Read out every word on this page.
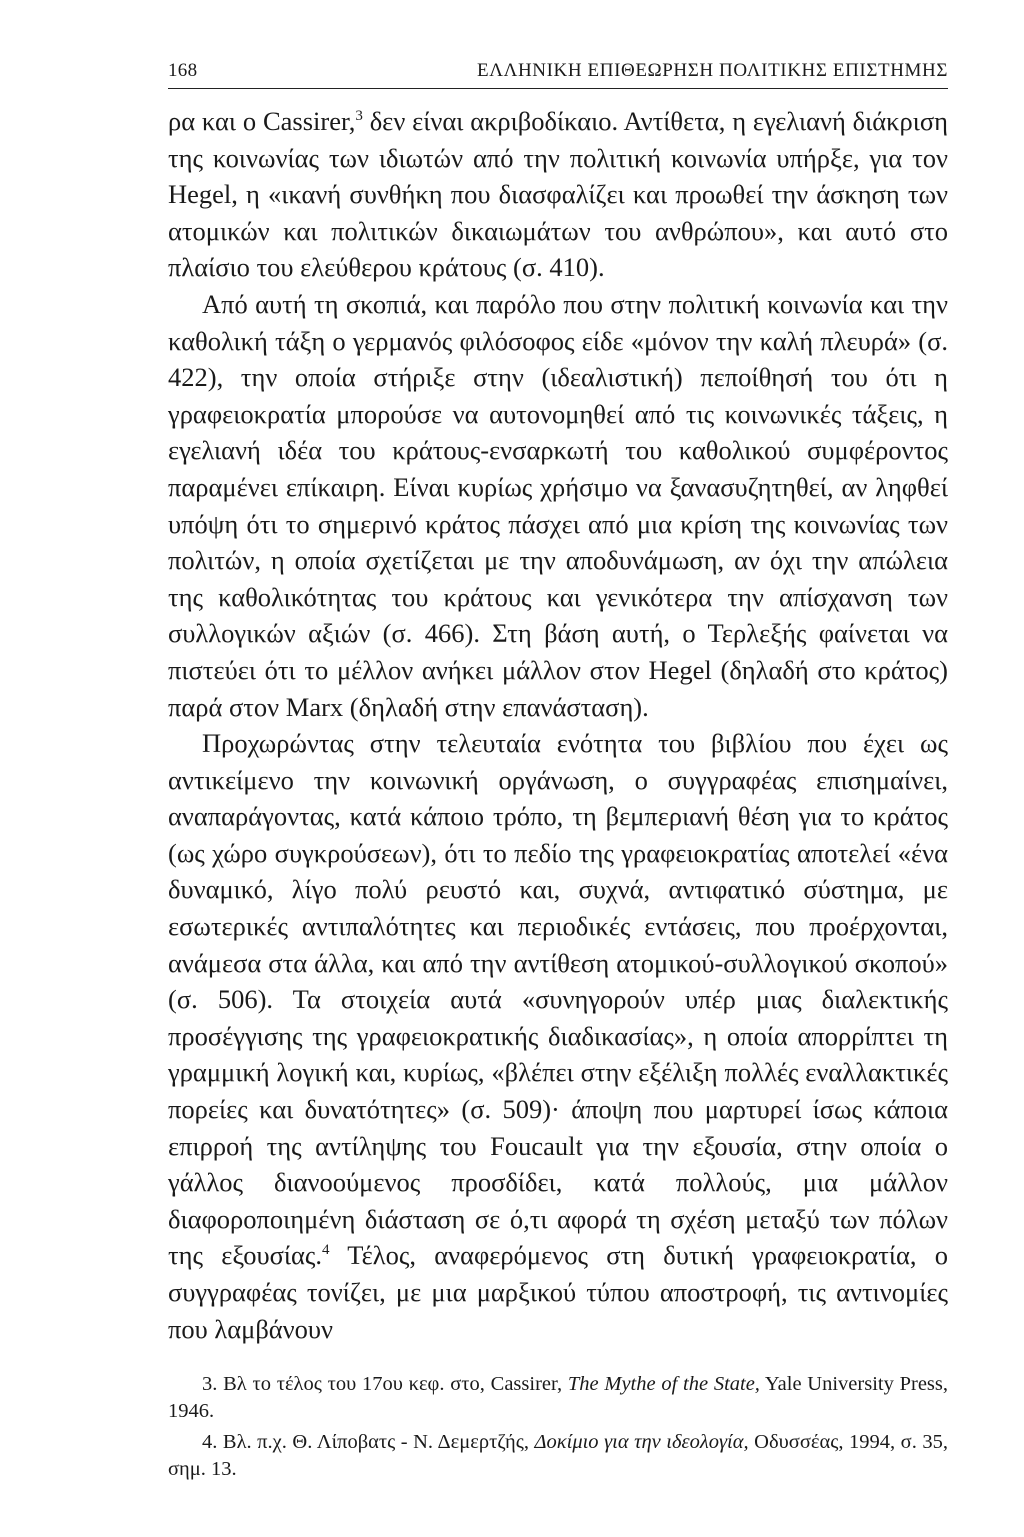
168	ΕΛΛΗΝΙΚΗ ΕΠΙΘΕΩΡΗΣΗ ΠΟΛΙΤΙΚΗΣ ΕΠΙΣΤΗΜΗΣ

ρα και ο Cassirer,$^3$ δεν είναι ακριβοδίκαιο. Αντίθετα, η εγελιανή διάκριση της κοινωνίας των ιδιωτών από την πολιτική κοινωνία υπήρξε, για τον Hegel, η «ικανή συνθήκη που διασφαλίζει και προωθεί την άσκηση των ατομικών και πολιτικών δικαιωμάτων του ανθρώπου», και αυτό στο πλαίσιο του ελεύθερου κράτους (σ. 410).

Από αυτή τη σκοπιά, και παρόλο που στην πολιτική κοινωνία και την καθολική τάξη ο γερμανός φιλόσοφος είδε «μόνον την καλή πλευρά» (σ. 422), την οποία στήριξε στην (ιδεαλιστική) πεποίθησή του ότι η γραφειοκρατία μπορούσε να αυτονομηθεί από τις κοινωνικές τάξεις, η εγελιανή ιδέα του κράτους-ενσαρκωτή του καθολικού συμφέροντος παραμένει επίκαιρη. Είναι κυρίως χρήσιμο να ξανασυζητηθεί, αν ληφθεί υπόψη ότι το σημερινό κράτος πάσχει από μια κρίση της κοινωνίας των πολιτών, η οποία σχετίζεται με την αποδυνάμωση, αν όχι την απώλεια της καθολικότητας του κράτους και γενικότερα την απίσχανση των συλλογικών αξιών (σ. 466). Στη βάση αυτή, ο Τερλεξής φαίνεται να πιστεύει ότι το μέλλον ανήκει μάλλον στον Hegel (δηλαδή στο κράτος) παρά στον Marx (δηλαδή στην επανάσταση).

Προχωρώντας στην τελευταία ενότητα του βιβλίου που έχει ως αντικείμενο την κοινωνική οργάνωση, ο συγγραφέας επισημαίνει, αναπαράγοντας, κατά κάποιο τρόπο, τη βεμπεριανή θέση για το κράτος (ως χώρο συγκρούσεων), ότι το πεδίο της γραφειοκρατίας αποτελεί «ένα δυναμικό, λίγο πολύ ρευστό και, συχνά, αντιφατικό σύστημα, με εσωτερικές αντιπαλότητες και περιοδικές εντάσεις, που προέρχονται, ανάμεσα στα άλλα, και από την αντίθεση ατομικού-συλλογικού σκοπού» (σ. 506). Τα στοιχεία αυτά «συνηγορούν υπέρ μιας διαλεκτικής προσέγγισης της γραφειοκρατικής διαδικασίας», η οποία απορρίπτει τη γραμμική λογική και, κυρίως, «βλέπει στην εξέλιξη πολλές εναλλακτικές πορείες και δυνατότητες» (σ. 509)· άποψη που μαρτυρεί ίσως κάποια επιρροή της αντίληψης του Foucault για την εξουσία, στην οποία ο γάλλος διανοούμενος προσδίδει, κατά πολλούς, μια μάλλον διαφοροποιημένη διάσταση σε ό,τι αφορά τη σχέση μεταξύ των πόλων της εξουσίας.$^4$ Τέλος, αναφερόμενος στη δυτική γραφειοκρατία, ο συγγραφέας τονίζει, με μια μαρξικού τύπου αποστροφή, τις αντινομίες που λαμβάνουν

3. Βλ το τέλος του 17ου κεφ. στο, Cassirer, The Mythe of the State, Yale University Press, 1946.

4. Βλ. π.χ. Θ. Λίποβατς - Ν. Δεμερτζής, Δοκίμιο για την ιδεολογία, Οδυσσέας, 1994, σ. 35, σημ. 13.
